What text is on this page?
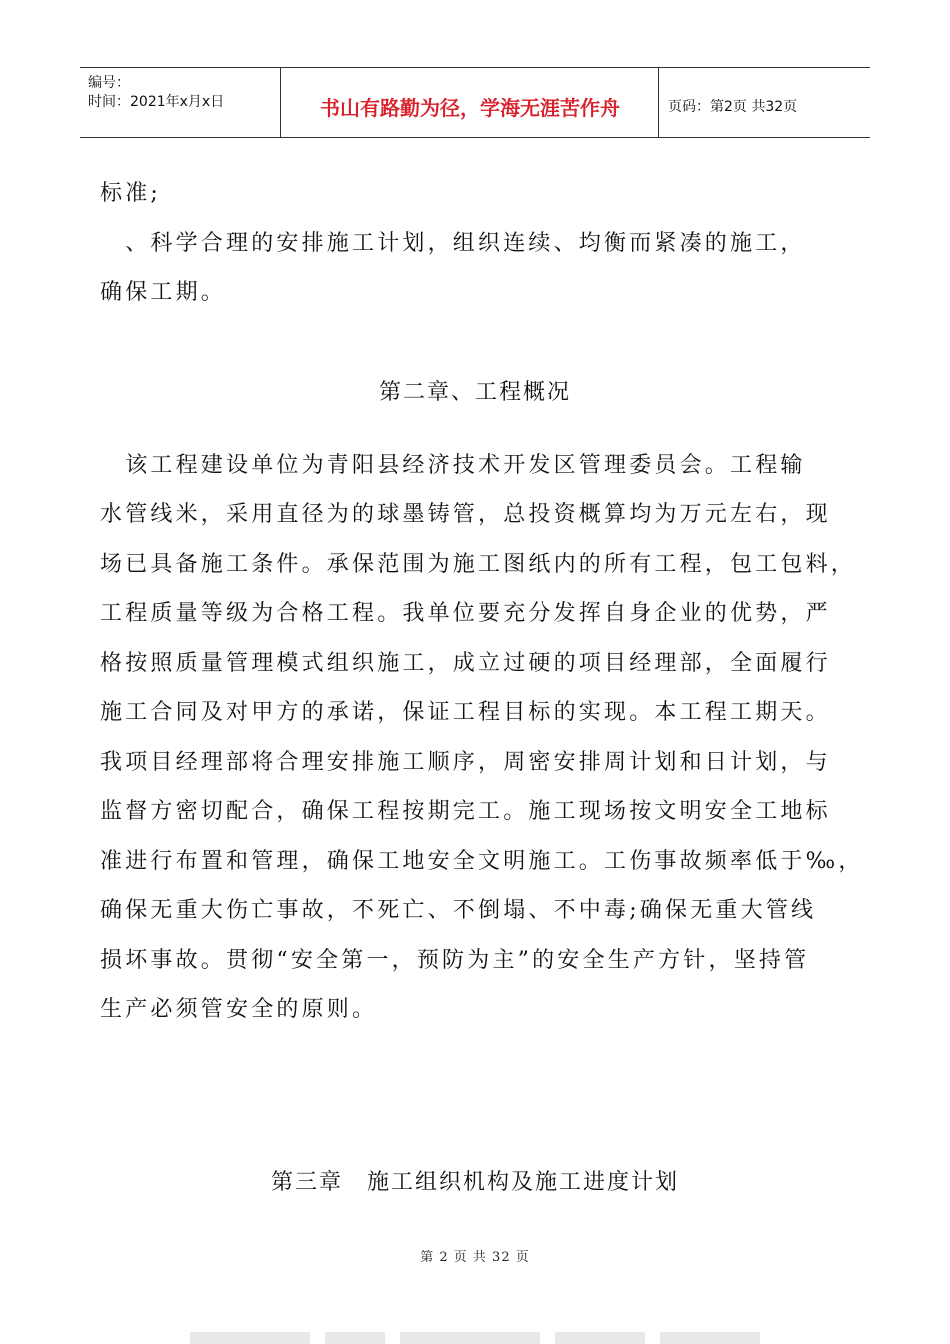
编号：
时间：2021年x月x日	书山有路勤为径，学海无涯苦作舟	页码：第2页 共32页
标准;
　、科学合理的安排施工计划，组织连续、均衡而紧凑的施工，
确保工期。
第二章、工程概况
　该工程建设单位为青阳县经济技术开发区管理委员会。工程输
水管线米，采用直径为的球墨铸管，总投资概算均为万元左右，现
场已具备施工条件。承保范围为施工图纸内的所有工程，包工包料，
工程质量等级为合格工程。我单位要充分发挥自身企业的优势，严
格按照质量管理模式组织施工，成立过硬的项目经理部，全面履行
施工合同及对甲方的承诺，保证工程目标的实现。本工程工期天。
我项目经理部将合理安排施工顺序，周密安排周计划和日计划，与
监督方密切配合，确保工程按期完工。施工现场按文明安全工地标
准进行布置和管理，确保工地安全文明施工。工伤事故频率低于‰，
确保无重大伤亡事故，不死亡、不倒塌、不中毒;确保无重大管线
损坏事故。贯彻“安全第一，预防为主”的安全生产方针，坚持管
生产必须管安全的原则。
第三章　施工组织机构及施工进度计划
第 2 页 共 32 页
